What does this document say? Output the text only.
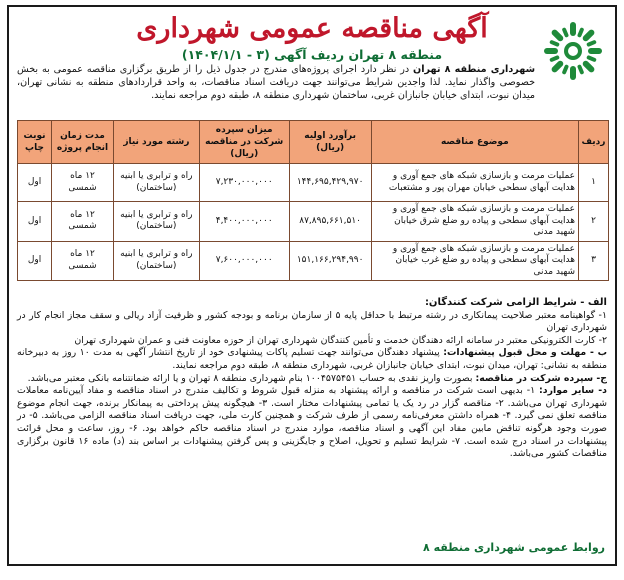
آگهی مناقصه عمومی شهرداری
منطقه ۸ تهران ردیف آگهی (۳ - ۱۴۰۴/۱/۱)
شهرداری منطقه ۸ تهران در نظر دارد اجرای پروژه‌های مندرج در جدول ذیل را از طریق برگزاری مناقصه عمومی به بخش خصوصی واگذار نماید. لذا واجدین شرایط می‌توانند جهت دریافت اسناد مناقصات، به واحد قراردادهای منطقه به نشانی تهران، میدان نبوت، ابتدای خیابان جانبازان غربی، ساختمان شهرداری منطقه ۸، طبقه دوم مراجعه نمایند.
ردیف	موضوع مناقصه	برآورد اولیه (ریال)	میزان سپرده شرکت در مناقصه (ریال)	رشته مورد نیاز	مدت زمان انجام پروژه	نوبت چاپ
۱	عملیات مرمت و بازسازی شبکه های جمع آوری و هدایت آبهای سطحی خیابان مهران پور و مشتعبات	۱۴۴,۶۹۵,۴۲۹,۹۷۰	۷,۲۳۰,۰۰۰,۰۰۰	راه و ترابری یا ابنیه (ساختمان)	۱۲ ماه شمسی	اول
۲	عملیات مرمت و بازسازی شبکه های جمع آوری و هدایت آبهای سطحی و پیاده رو ضلع شرق خیابان شهید مدنی	۸۷,۸۹۵,۶۶۱,۵۱۰	۴,۴۰۰,۰۰۰,۰۰۰	راه و ترابری یا ابنیه (ساختمان)	۱۲ ماه شمسی	اول
۳	عملیات مرمت و بازسازی شبکه های جمع آوری و هدایت آبهای سطحی و پیاده رو ضلع غرب خیابان شهید مدنی	۱۵۱,۱۶۶,۲۹۴,۹۹۰	۷,۶۰۰,۰۰۰,۰۰۰	راه و ترابری یا ابنیه (ساختمان)	۱۲ ماه شمسی	اول

الف - شرایط الزامی شرکت کنندگان:

۱- گواهینامه معتبر صلاحیت پیمانکاری در رشته مرتبط با حداقل پایه ۵ از سازمان برنامه و بودجه کشور و ظرفیت آزاد ریالی و سقف مجاز انجام کار در شهرداری تهران

۲- کارت الکترونیکی معتبر در سامانه ارائه دهندگان خدمت و تأمین کنندگان شهرداری تهران از حوزه معاونت فنی و عمران شهرداری تهران

ب - مهلت و محل قبول پیشنهادات: پیشنهاد دهندگان می‌توانند جهت تسلیم پاکات پیشنهادی خود از تاریخ انتشار آگهی به مدت ۱۰ روز به دبیرخانه منطقه به نشانی: تهران، میدان نبوت، ابتدای خیابان جانبازان غربی، شهرداری منطقه ۸، طبقه دوم مراجعه نمایند.

ج- سپرده شرکت در مناقصه: بصورت واریز نقدی به حساب ۱۰۰۴۵۷۵۴۵۱ بنام شهرداری منطقه ۸ تهران و یا ارائه ضمانتنامه بانکی معتبر می‌باشد.

د- سایر موارد: ۱- بدیهی است شرکت در مناقصه و ارائه پیشنهاد به منزله قبول شروط و تکالیف مندرج در اسناد مناقصه و مفاد آیین‌نامه معاملات شهرداری تهران می‌باشد. ۲- مناقصه گزار در رد یک یا تمامی پیشنهادات مختار است. ۳- هیچگونه پیش پرداختی به پیمانکار برنده، جهت انجام موضوع مناقصه تعلق نمی گیرد. ۴- همراه داشتن معرفی‌نامه رسمی از طرف شرکت و همچنین کارت ملی، جهت دریافت اسناد مناقصه الزامی می‌باشد. ۵- در صورت وجود هرگونه تناقض مابین مفاد این آگهی و اسناد مناقصه، موارد مندرج در اسناد مناقصه حاکم خواهد بود. ۶- روز، ساعت و محل قرائت پیشنهادات در اسناد درج شده است. ۷- شرایط تسلیم و تحویل، اصلاح و جایگزینی و پس گرفتن پیشنهادات بر اساس بند (د) ماده ۱۶ قانون برگزاری مناقصات کشور می‌باشد.

روابط عمومی شهرداری منطقه ۸
